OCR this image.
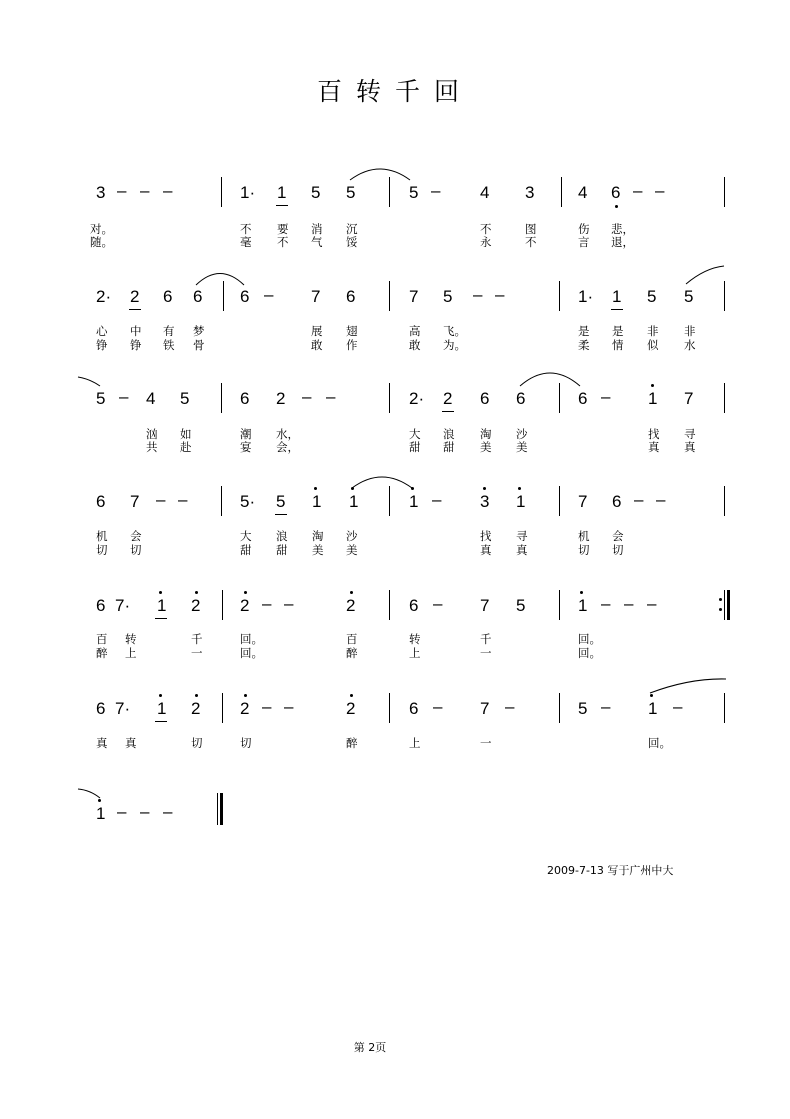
百转千回
3 – – –	1· 1 5 5	5 – 4 3	4 6 – –
对。	不 要 消 沉	不	图	伤 悲，
随。	毫 不 气 馁	永	不	言 退，
2· 2 6 6 6 – 7 6	7 5 – –	1· 1 5 5
心 中 有 梦	展 翅	高 飞。	是 是 非 非
铮 铮 铁 骨	敢 作	敢 为。	柔 情 似 水
5 – 4 5	6 2 – –	2· 2 6 6	6 – 1 7
汹 如	潮 水，	大 浪 淘 沙	找 寻
共 赴	宴 会，	甜 甜 美 美	真 真
6 7 – –	5· 5 1 1	1 – 3 1	7 6 – –
机 会	大 浪 淘 沙	找 寻	机 会
切 切	甜 甜 美 美	真 真	切 切
6 7· 1 2 2 – –	2	6 – 7 5	1 – – –
百 转	千	回。	百	转	千	回。
醉 上	一	回。	醉	上	一	回。
6 7· 1 2 2 – –	2	6 – 7 –	5 – 1 –
真 真	切	切	醉	上	一	回。
1 – – –
2009-7-13 写于广州中大
第 2页
